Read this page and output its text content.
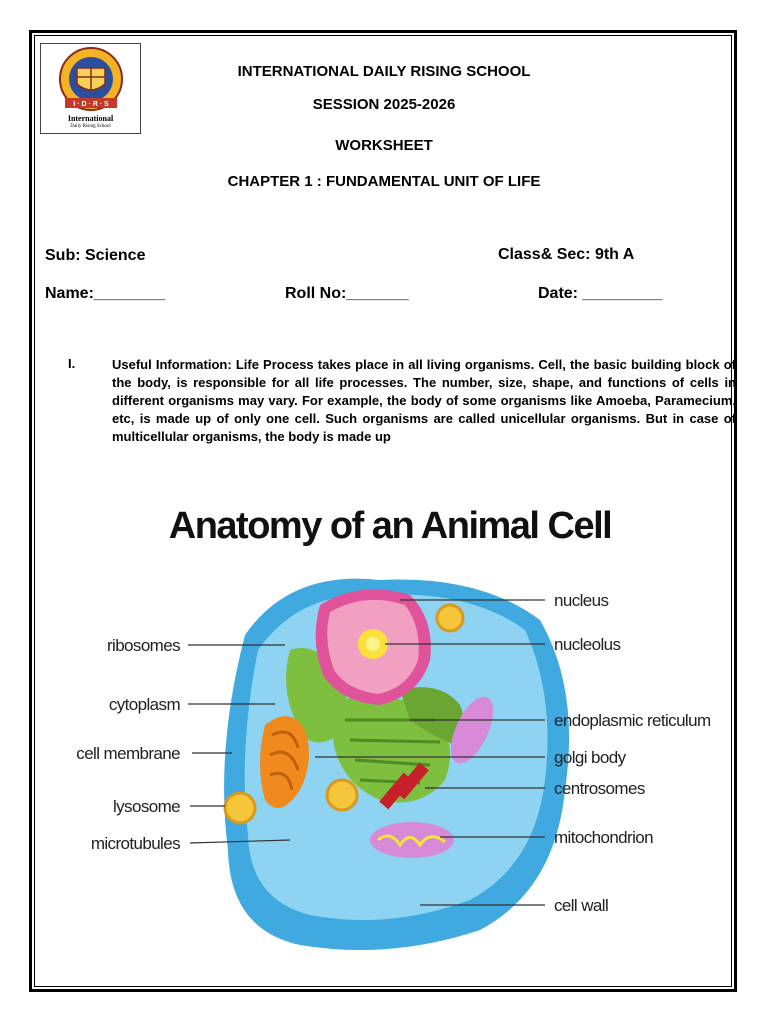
I · D · R · S
International
Daily Rising School
INTERNATIONAL DAILY RISING SCHOOL
SESSION 2025-2026
WORKSHEET
CHAPTER 1 : FUNDAMENTAL UNIT OF LIFE
Sub: Science	Class& Sec: 9th A
Name:________	Roll No:_______	Date: _________
I.	Useful Information: Life Process takes place in all living organisms. Cell, the basic building block of the body, is responsible for all life processes. The number, size, shape, and functions of cells in different organisms may vary. For example, the body of some organisms like Amoeba, Paramecium, etc, is made up of only one cell. Such organisms are called unicellular organisms. But in case of multicellular organisms, the body is made up
Anatomy of an Animal Cell
ribosomes
cytoplasm
cell membrane
lysosome
microtubules
nucleus
nucleolus
endoplasmic reticulum
golgi body
centrosomes
mitochondrion
cell wall
